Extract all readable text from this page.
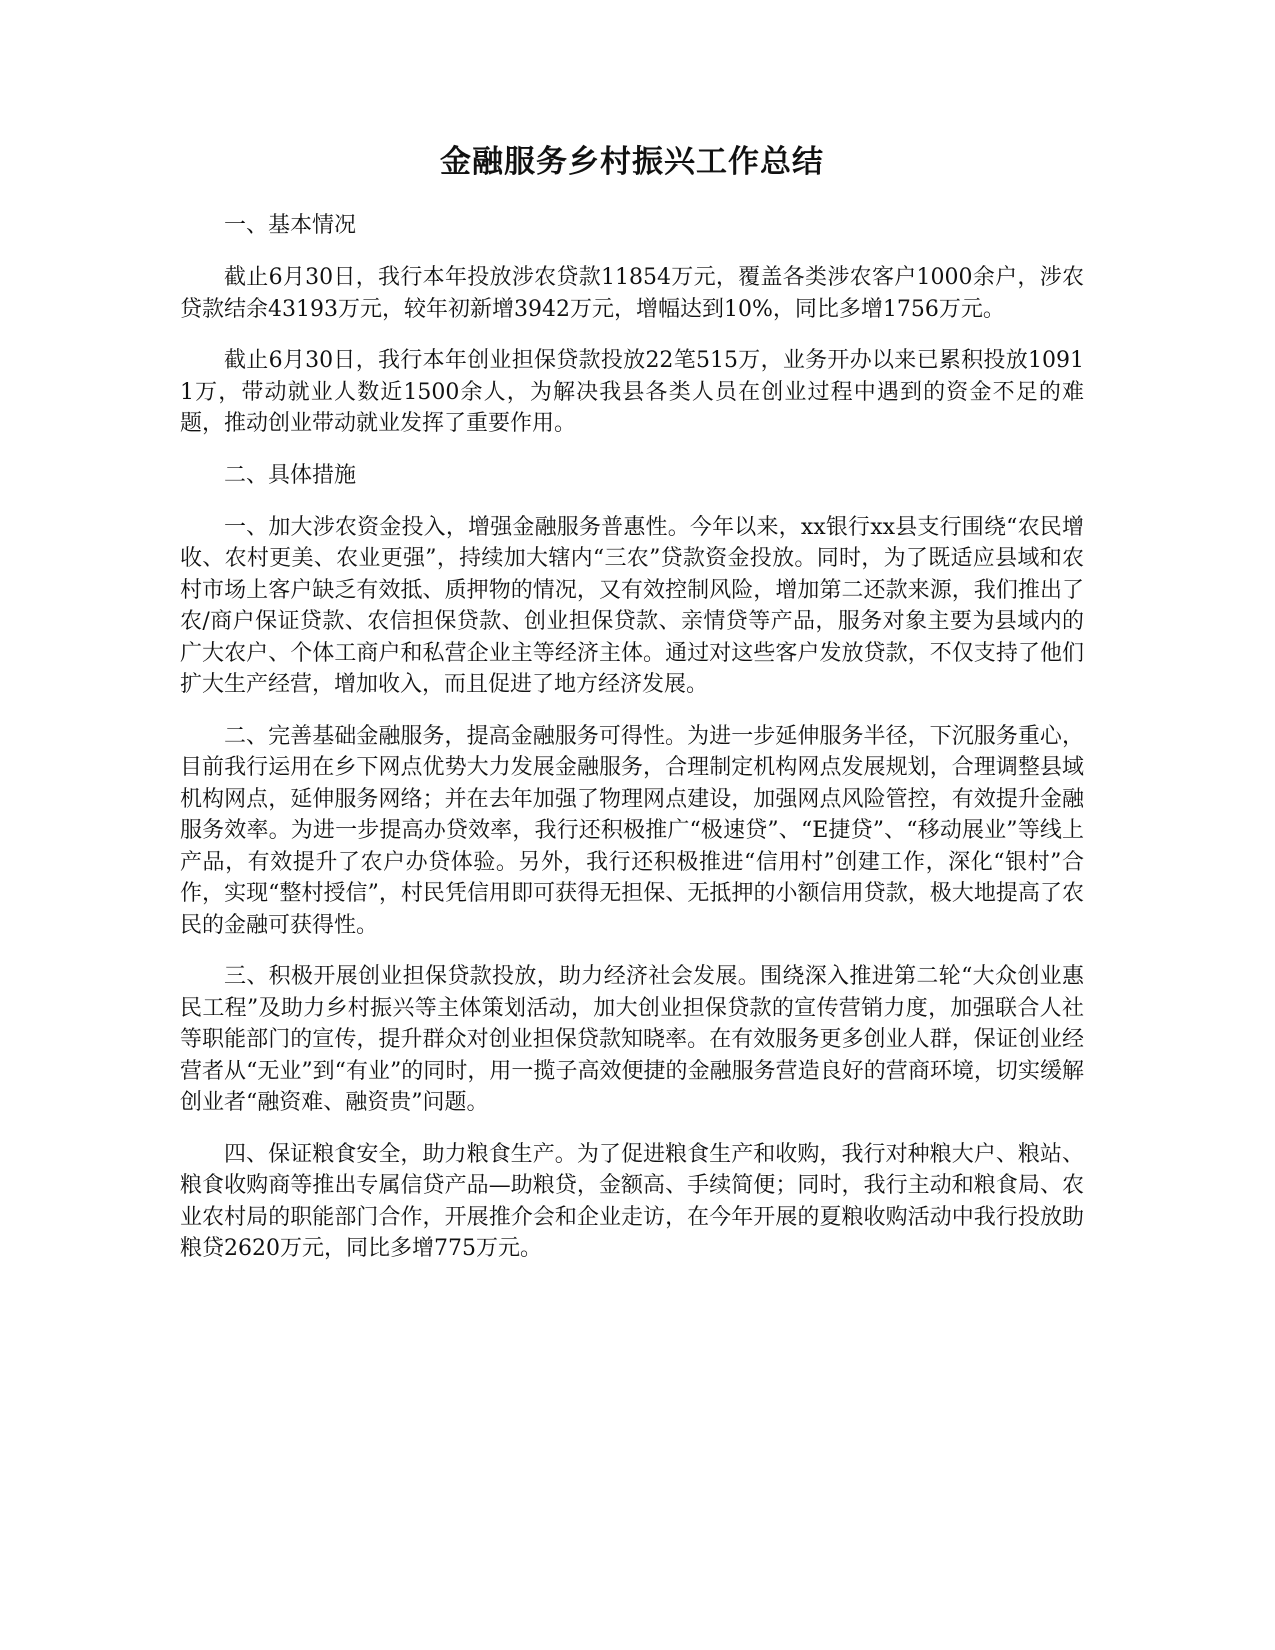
金融服务乡村振兴工作总结

一、基本情况

截止6月30日，我行本年投放涉农贷款11854万元，覆盖各类涉农客户1000余户，涉农贷款结余43193万元，较年初新增3942万元，增幅达到10%，同比多增1756万元。

截止6月30日，我行本年创业担保贷款投放22笔515万，业务开办以来已累积投放10911万，带动就业人数近1500余人，为解决我县各类人员在创业过程中遇到的资金不足的难题，推动创业带动就业发挥了重要作用。

二、具体措施

一、加大涉农资金投入，增强金融服务普惠性。今年以来，xx银行xx县支行围绕“农民增收、农村更美、农业更强”，持续加大辖内“三农”贷款资金投放。同时，为了既适应县域和农村市场上客户缺乏有效抵、质押物的情况，又有效控制风险，增加第二还款来源，我们推出了农/商户保证贷款、农信担保贷款、创业担保贷款、亲情贷等产品，服务对象主要为县域内的广大农户、个体工商户和私营企业主等经济主体。通过对这些客户发放贷款，不仅支持了他们扩大生产经营，增加收入，而且促进了地方经济发展。

二、完善基础金融服务，提高金融服务可得性。为进一步延伸服务半径，下沉服务重心，目前我行运用在乡下网点优势大力发展金融服务，合理制定机构网点发展规划，合理调整县域机构网点，延伸服务网络；并在去年加强了物理网点建设，加强网点风险管控，有效提升金融服务效率。为进一步提高办贷效率，我行还积极推广“极速贷”、“E捷贷”、“移动展业”等线上产品，有效提升了农户办贷体验。另外，我行还积极推进“信用村”创建工作，深化“银村”合作，实现“整村授信”，村民凭信用即可获得无担保、无抵押的小额信用贷款，极大地提高了农民的金融可获得性。

三、积极开展创业担保贷款投放，助力经济社会发展。围绕深入推进第二轮“大众创业惠民工程”及助力乡村振兴等主体策划活动，加大创业担保贷款的宣传营销力度，加强联合人社等职能部门的宣传，提升群众对创业担保贷款知晓率。在有效服务更多创业人群，保证创业经营者从“无业”到“有业”的同时，用一揽子高效便捷的金融服务营造良好的营商环境，切实缓解创业者“融资难、融资贵”问题。

四、保证粮食安全，助力粮食生产。为了促进粮食生产和收购，我行对种粮大户、粮站、粮食收购商等推出专属信贷产品—助粮贷，金额高、手续简便；同时，我行主动和粮食局、农业农村局的职能部门合作，开展推介会和企业走访，在今年开展的夏粮收购活动中我行投放助粮贷2620万元，同比多增775万元。
